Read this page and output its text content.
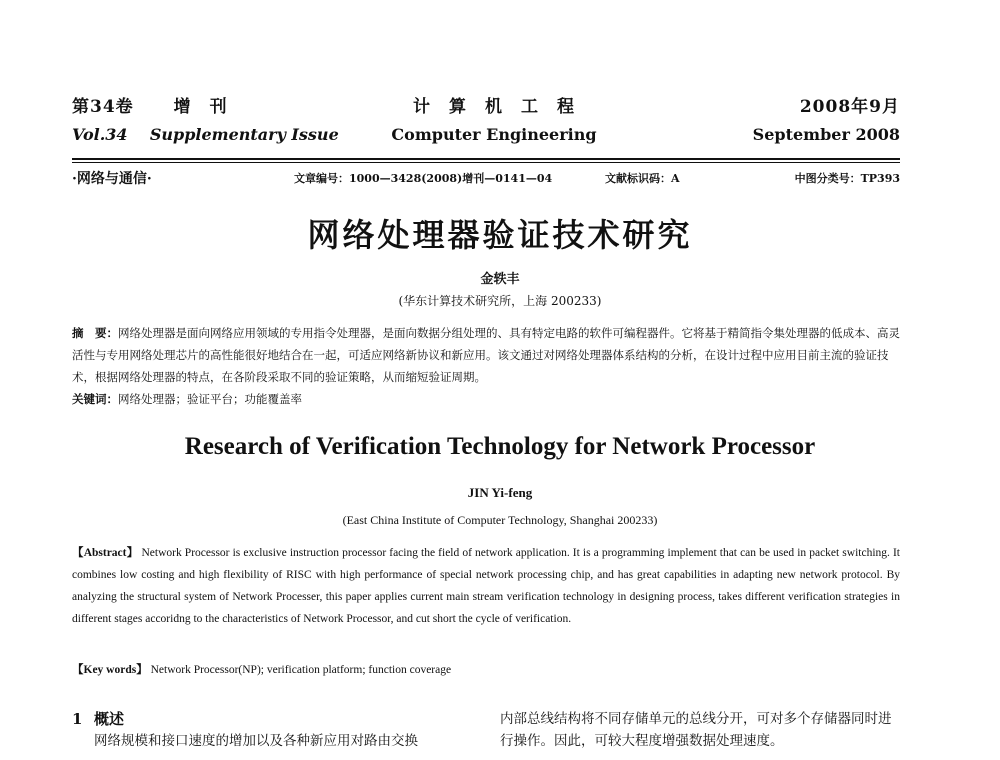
第34卷 增　刊
Vol.34 Supplementary Issue
计　算　机　工　程
Computer Engineering
2008年9月
September 2008
·网络与通信·	文章编号：1000—3428(2008)增刊—0141—04	文献标识码：A	中图分类号：TP393
网络处理器验证技术研究
金轶丰
(华东计算技术研究所，上海 200233)
摘　要：网络处理器是面向网络应用领域的专用指令处理器，是面向数据分组处理的、具有特定电路的软件可编程器件。它将基于精简指令集处理器的低成本、高灵活性与专用网络处理芯片的高性能很好地结合在一起，可适应网络新协议和新应用。该文通过对网络处理器体系结构的分析，在设计过程中应用目前主流的验证技术，根据网络处理器的特点，在各阶段采取不同的验证策略，从而缩短验证周期。
关键词：网络处理器；验证平台；功能覆盖率
Research of Verification Technology for Network Processor
JIN Yi-feng
(East China Institute of Computer Technology, Shanghai 200233)
【Abstract】 Network Processor is exclusive instruction processor facing the field of network application. It is a programming implement that can be used in packet switching. It combines low costing and high flexibility of RISC with high performance of special network processing chip, and has great capabilities in adapting new network protocol. By analyzing the structural system of Network Processer, this paper applies current main stream verification technology in designing process, takes different verification strategies in different stages accoridng to the characteristics of Network Processor, and cut short the cycle of verification.
【Key words】 Network Processor(NP); verification platform; function coverage
1 概述
网络规模和接口速度的增加以及各种新应用对路由交换
内部总线结构将不同存储单元的总线分开，可对多个存储器同时进行操作。因此，可较大程度增强数据处理速度。
